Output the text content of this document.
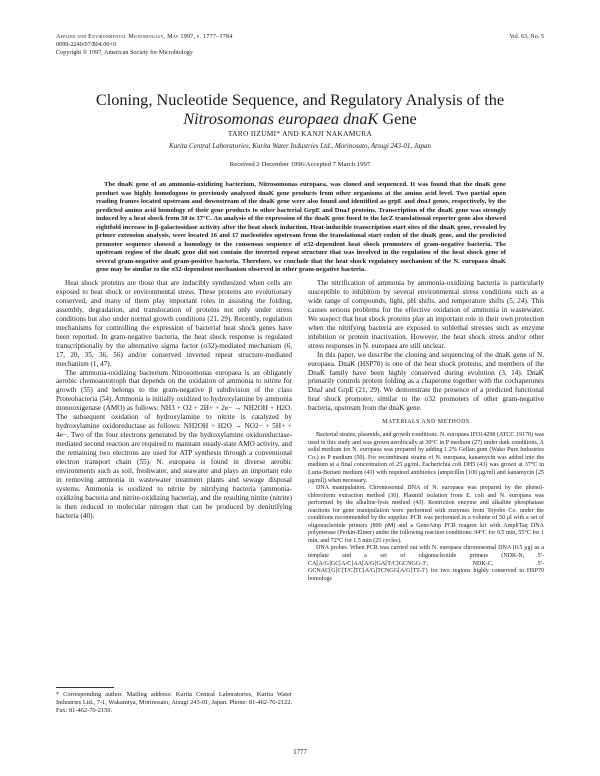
Applied and Environmental Microbiology, May 1997, p. 1777–1784
0099-2240/97/$04.00+0
Copyright © 1997, American Society for Microbiology
Vol. 63, No. 5
Cloning, Nucleotide Sequence, and Regulatory Analysis of the
Nitrosomonas europaea dnaK Gene
TARO IIZUMI* AND KANJI NAKAMURA
Kurita Central Laboratories, Kurita Water Industries Ltd., Morinosato, Atsugi 243-01, Japan
Received 2 December 1996/Accepted 7 March 1997

The dnaK gene of an ammonia-oxidizing bacterium, Nitrosomonas europaea, was cloned and sequenced. It was found that the dnaK gene product was highly homologous to previously analyzed dnaK gene products from other organisms at the amino acid level. Two partial open reading frames located upstream and downstream of the dnaK gene were also found and identified as grpE and dnaJ genes, respectively, by the predicted amino acid homology of their gene products to other bacterial GrpE and DnaJ proteins. Transcription of the dnaK gene was strongly induced by a heat shock from 30 to 37°C. An analysis of the expression of the dnaK gene fused to the lacZ translational reporter gene also showed eightfold increase in β-galactosidase activity after the heat shock induction. Heat-inducible transcription start sites of the dnaK gene, revealed by primer extension analysis, were located 16 and 17 nucleotides upstream from the translational start codon of the dnaK gene, and the predicted promoter sequence showed a homology to the consensus sequence of σ32-dependent heat shock promoters of gram-negative bacteria. The upstream region of the dnaK gene did not contain the inverted repeat structure that was involved in the regulation of the heat shock gene of several gram-negative and gram-positive bacteria. Therefore, we conclude that the heat shock regulatory mechanism of the N. europaea dnaK gene may be similar to the σ32-dependent mechanism observed in other gram-negative bacteria.

Heat shock proteins are those that are inducibly synthesized when cells are exposed to heat shock or environmental stress. These proteins are evolutionary conserved, and many of them play important roles in assisting the folding, assembly, degradation, and translocation of proteins not only under stress conditions but also under normal growth conditions (21, 29). Recently, regulation mechanisms for controlling the expression of bacterial heat shock genes have been reported. In gram-negative bacteria, the heat shock response is regulated transcriptionally by the alternative sigma factor (σ32)-mediated mechanism (6, 17, 20, 35, 36, 56) and/or conserved inverted repeat structure-mediated mechanism (1, 47).

The ammonia-oxidizing bacterium Nitrosomonas europaea is an obligately aerobic chemoautotroph that depends on the oxidation of ammonia to nitrite for growth (55) and belongs to the gram-negative β subdivision of the class Proteobacteria (54). Ammonia is initially oxidized to hydroxylamine by ammonia monooxigenase (AMO) as follows: NH3 + O2 + 2H+ + 2e− → NH2OH + H2O. The subsequent oxidation of hydroxylamine to nitrite is catalyzed by hydroxylamine oxidoreductase as follows: NH2OH + H2O → NO2− + 5H+ + 4e−. Two of the four electrons generated by the hydroxylamine oxidoreductase-mediated second reaction are required to maintain steady-state AMO activity, and the remaining two electrons are used for ATP synthesis through a conventional electron transport chain (55). N. europaea is found in diverse aerobic environments such as soil, freshwater, and seawater and plays an important role in removing ammonia in wastewater treatment plants and sewage disposal systems. Ammonia is oxidized to nitrite by nitrifying bacteria (ammonia-oxidizing bacteria and nitrite-oxidizing bacteria), and the resulting nitrite (nitrite) is then reduced to molecular nitrogen that can be produced by denitrifying bacteria (40).

The nitrification of ammonia by ammonia-oxidizing bacteria is particularly susceptible to inhibition by several environmental stress conditions such as a wide range of compounds, light, pH shifts, and temperature shifts (5, 24). This causes serious problems for the effective oxidation of ammonia in wastewater. We suspect that heat shock proteins play an important role in their own protection when the nitrifying bacteria are exposed to sublethal stresses such as enzyme inhibition or protein inactivation. However, the heat shock stress and/or other stress responses in N. europaea are still unclear.

In this paper, we describe the cloning and sequencing of the dnaK gene of N. europaea. DnaK (HSP70) is one of the heat shock proteins, and members of the DnaK family have been highly conserved during evolution (3, 14). DnaK primarily controls protein folding as a chaperone together with the cochaperones DnaJ and GrpE (21, 29). We demonstrate the presence of a predicted functional heat shock promoter, similar to the σ32 promoters of other gram-negative bacteria, upstream from the dnaK gene.

MATERIALS AND METHODS

Bacterial strains, plasmids, and growth conditions. N. europaea IFO14298 (ATCC 19178) was used in this study and was grown aerobically at 30°C in P medium (27) under dark conditions. A solid medium for N. europaea was prepared by adding 1.2% Gellan gum (Wako Pure Industries Co.) to P medium (50). For recombinant strains of N. europaea, kanamycin was added into the medium at a final concentration of 25 μg/ml. Escherichia coli DH5 (43) was grown at 37°C in Luria-Bertani medium (43) with required antibiotics (ampicillin [100 μg/ml] and kanamycin [25 μg/ml]) when necessary.

DNA manipulation. Chromosomal DNA of N. europaea was prepared by the phenol-chloroform extraction method (30). Plasmid isolation from E. coli and N. europaea was performed by the alkaline-lysis method (43). Restriction enzyme and alkaline phosphatase reactions for gene manipulation were performed with enzymes from Toyobo Co. under the conditions recommended by the supplier. PCR was performed in a volume of 50 μl with a set of oligonucleotide primers (800 pM) and a GeneAmp PCR reagent kit with AmpliTaq DNA polymerase (Perkin-Elmer) under the following reaction conditions: 94°C for 0.5 min, 55°C for 1 min, and 72°C for 1.5 min (25 cycles).

DNA probes. When PCR was carried out with N. europaea chromosomal DNA (0.5 μg) as a template and a set of oligonucleotide primers (NDK-N, 5′-CA[A/G]GC[A/C]AA[A/G]GA[T/C]GCNGG-3′; NDK-C, 5′-GCNAC[G]C[T/C]TC[A/G]TCNGG[A/G]TT-3′) for two regions highly conserved in HSP70 homologs

* Corresponding author. Mailing address: Kurita Central Laboratories, Kurita Water Industries Ltd., 7-1, Wakamiya, Morinosato, Atsugi 243-01, Japan. Phone: 81-462-70-2122. Fax: 81-462-70-2159.

1777
